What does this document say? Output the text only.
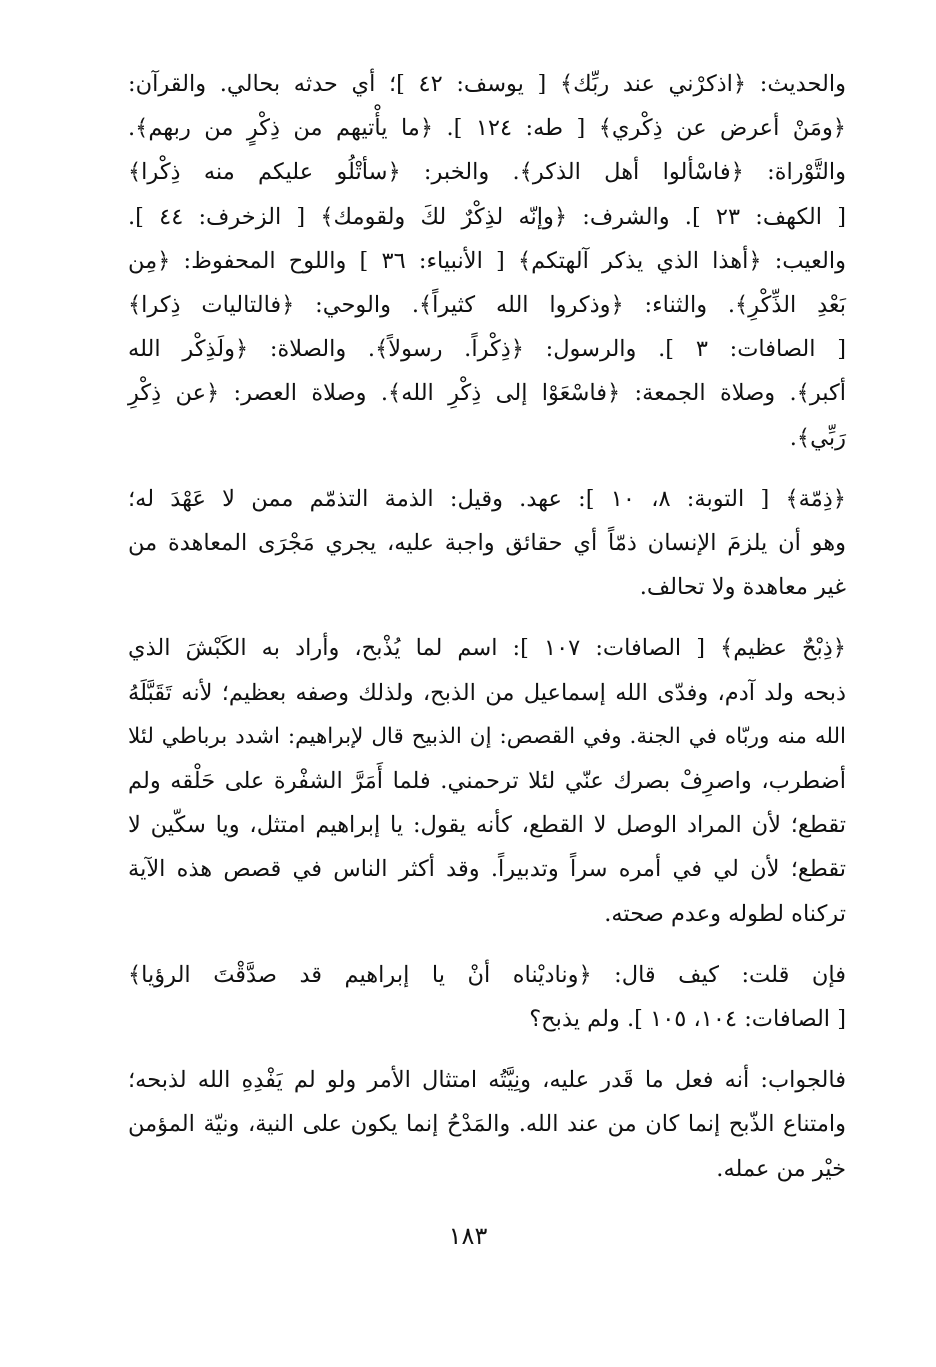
والحديث: ﴿اذكرْني عند ربِّك﴾ [ يوسف: ٤٢ ]؛ أي حدثه بحالي. والقرآن:
﴿ومَنْ أعرض عن ذِكْري﴾ [ طه: ١٢٤ ]. ﴿ما يأْتيهم من ذِكْرٍ من ربهم﴾.
والتَّوْراة: ﴿فاسْألوا أهل الذكر﴾. والخبر: ﴿سأتْلُو عليكم منه ذِكْرا﴾
[ الكهف: ٢٣ ]. والشرف: ﴿وإنّه لذِكْرٌ لكَ ولقومك﴾ [ الزخرف: ٤٤ ].
والعيب: ﴿أهذا الذي يذكر آلهتكم﴾ [ الأنبياء: ٣٦ ] واللوح المحفوظ: ﴿مِن
بَعْدِ الذِّكْرِ﴾. والثناء: ﴿وذكروا الله كثيراً﴾. والوحي: ﴿فالتاليات ذِكرا﴾
[ الصافات: ٣ ]. والرسول: ﴿ذِكْراً. رسولاً﴾. والصلاة: ﴿ولَذِكْر الله
أكبر﴾. وصلاة الجمعة: ﴿فاسْعَوْا إلى ذِكْرِ الله﴾. وصلاة العصر: ﴿عن ذِكْرِ
رَبِّي﴾.
﴿ذِمّة﴾ [ التوبة: ٨، ١٠ ]: عهد. وقيل: الذمة التذمّم ممن لا عَهْدَ له؛
وهو أن يلزمَ الإنسان ذمّاً أي حقائق واجبة عليه، يجري مَجْرَى المعاهدة من
غير معاهدة ولا تحالف.
﴿ذِبْحٌ عظيم﴾ [ الصافات: ١٠٧ ]: اسم لما يُذْبح، وأراد به الكَبْشَ الذي
ذبحه ولد آدم، وفدّى الله إسماعيل من الذبح، ولذلك وصفه بعظيم؛ لأنه تَقَبَّلَهُ
الله منه وربّاه في الجنة. وفي القصص: إن الذبيح قال لإبراهيم: اشدد برباطي لئلا
أضطرب، واصرِفْ بصرك عنّي لئلا ترحمني. فلما أَمَرَّ الشفْرة على حَلْقه ولم
تقطع؛ لأن المراد الوصل لا القطع، كأنه يقول: يا إبراهيم امتثل، ويا سكّين لا
تقطع؛ لأن لي في أمره سراً وتدبيراً. وقد أكثر الناس في قصص هذه الآية
تركناه لطوله وعدم صحته.
فإن قلت: كيف قال: ﴿وناديْناه أنْ يا إبراهيم قد صدَّقْتَ الرؤيا﴾
[ الصافات: ١٠٤، ١٠٥ ]. ولم يذبح؟
فالجواب: أنه فعل ما قَدر عليه، ونِيَّتُه امتثال الأمر ولو لم يَفْدِهِ الله لذبحه؛
وامتناع الذّبح إنما كان من عند الله. والمَدْحُ إنما يكون على النية، ونيّة المؤمن
خيْر من عمله.
١٨٣
